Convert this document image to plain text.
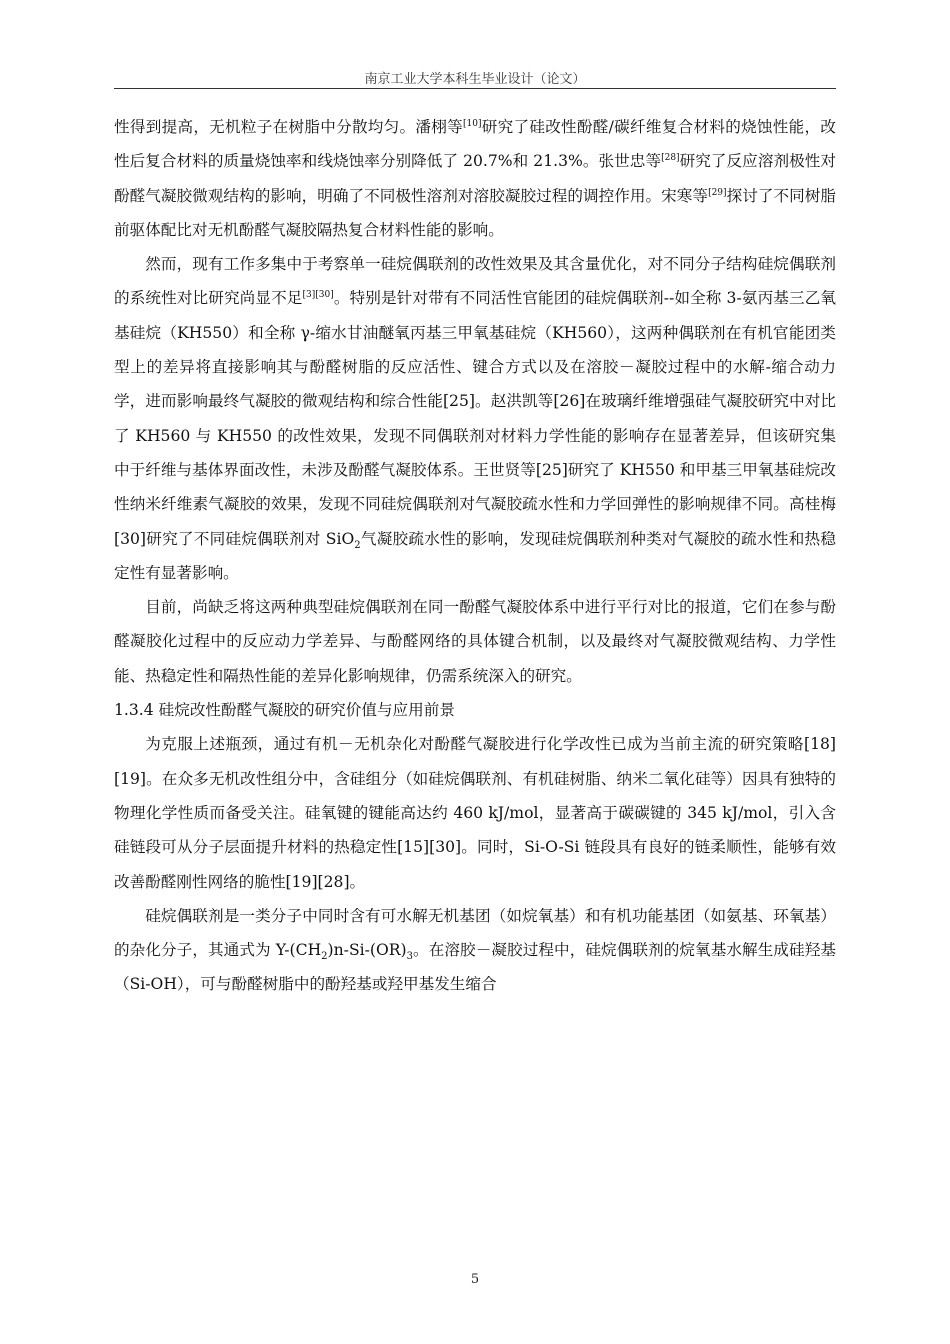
南京工业大学本科生毕业设计（论文）

性得到提高，无机粒子在树脂中分散均匀。潘栩等[10]研究了硅改性酚醛/碳纤维复合材料的烧蚀性能，改性后复合材料的质量烧蚀率和线烧蚀率分别降低了 20.7%和 21.3%。张世忠等[28]研究了反应溶剂极性对酚醛气凝胶微观结构的影响，明确了不同极性溶剂对溶胶凝胶过程的调控作用。宋寒等[29]探讨了不同树脂前驱体配比对无机酚醛气凝胶隔热复合材料性能的影响。

然而，现有工作多集中于考察单一硅烷偶联剂的改性效果及其含量优化，对不同分子结构硅烷偶联剂的系统性对比研究尚显不足[3][30]。特别是针对带有不同活性官能团的硅烷偶联剂--如全称 3-氨丙基三乙氧基硅烷（KH550）和全称 γ-缩水甘油醚氧丙基三甲氧基硅烷（KH560），这两种偶联剂在有机官能团类型上的差异将直接影响其与酚醛树脂的反应活性、键合方式以及在溶胶－凝胶过程中的水解-缩合动力学，进而影响最终气凝胶的微观结构和综合性能[25]。赵洪凯等[26]在玻璃纤维增强硅气凝胶研究中对比了 KH560 与 KH550 的改性效果，发现不同偶联剂对材料力学性能的影响存在显著差异，但该研究集中于纤维与基体界面改性，未涉及酚醛气凝胶体系。王世贤等[25]研究了 KH550 和甲基三甲氧基硅烷改性纳米纤维素气凝胶的效果，发现不同硅烷偶联剂对气凝胶疏水性和力学回弹性的影响规律不同。高桂梅[30]研究了不同硅烷偶联剂对 SiO$_2$气凝胶疏水性的影响，发现硅烷偶联剂种类对气凝胶的疏水性和热稳定性有显著影响。

目前，尚缺乏将这两种典型硅烷偶联剂在同一酚醛气凝胶体系中进行平行对比的报道，它们在参与酚醛凝胶化过程中的反应动力学差异、与酚醛网络的具体键合机制，以及最终对气凝胶微观结构、力学性能、热稳定性和隔热性能的差异化影响规律，仍需系统深入的研究。

1.3.4 硅烷改性酚醛气凝胶的研究价值与应用前景

为克服上述瓶颈，通过有机－无机杂化对酚醛气凝胶进行化学改性已成为当前主流的研究策略[18][19]。在众多无机改性组分中，含硅组分（如硅烷偶联剂、有机硅树脂、纳米二氧化硅等）因具有独特的物理化学性质而备受关注。硅氧键的键能高达约 460 kJ/mol，显著高于碳碳键的 345 kJ/mol，引入含硅链段可从分子层面提升材料的热稳定性[15][30]。同时，Si-O-Si 链段具有良好的链柔顺性，能够有效改善酚醛刚性网络的脆性[19][28]。

硅烷偶联剂是一类分子中同时含有可水解无机基团（如烷氧基）和有机功能基团（如氨基、环氧基）的杂化分子，其通式为 $Y-(CH_2)n-Si-(OR)_3$。在溶胶－凝胶过程中，硅烷偶联剂的烷氧基水解生成硅羟基（Si-OH），可与酚醛树脂中的酚羟基或羟甲基发生缩合

5
